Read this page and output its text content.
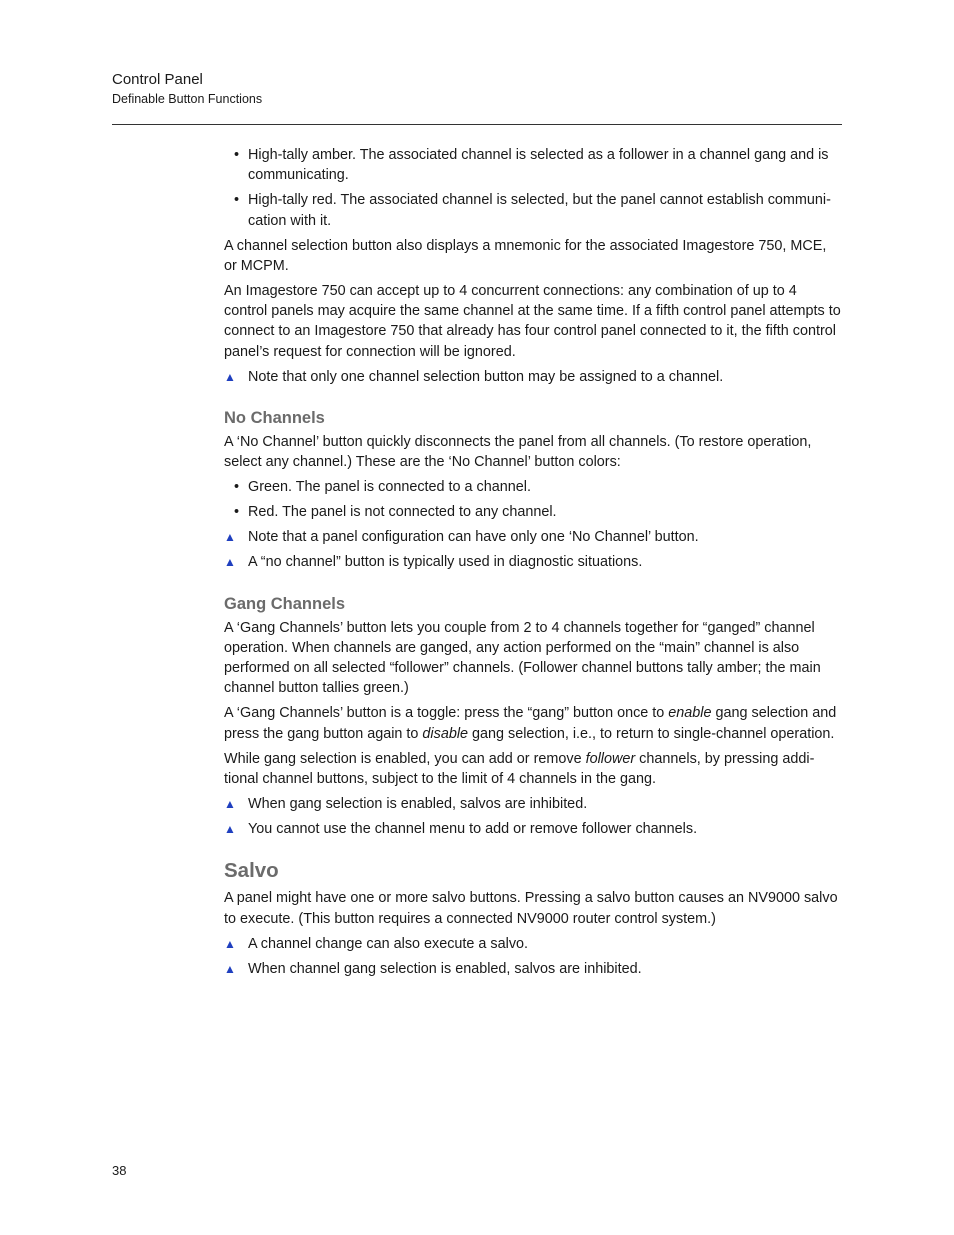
Control Panel
Definable Button Functions
• High-tally amber. The associated channel is selected as a follower in a channel gang and is communicating.
• High-tally red. The associated channel is selected, but the panel cannot establish communi-cation with it.

A channel selection button also displays a mnemonic for the associated Imagestore 750, MCE, or MCPM.

An Imagestore 750 can accept up to 4 concurrent connections: any combination of up to 4 control panels may acquire the same channel at the same time. If a fifth control panel attempts to connect to an Imagestore 750 that already has four control panel connected to it, the fifth control panel’s request for connection will be ignored.

▲ Note that only one channel selection button may be assigned to a channel.
No Channels

A ‘No Channel’ button quickly disconnects the panel from all channels. (To restore operation, select any channel.) These are the ‘No Channel’ button colors:

• Green. The panel is connected to a channel.
• Red. The panel is not connected to any channel.
▲ Note that a panel configuration can have only one ‘No Channel’ button.
▲ A “no channel” button is typically used in diagnostic situations.
Gang Channels

A ‘Gang Channels’ button lets you couple from 2 to 4 channels together for “ganged” channel operation. When channels are ganged, any action performed on the “main” channel is also performed on all selected “follower” channels. (Follower channel buttons tally amber; the main channel button tallies green.)

A ‘Gang Channels’ button is a toggle: press the “gang” button once to enable gang selection and press the gang button again to disable gang selection, i.e., to return to single-channel operation.

While gang selection is enabled, you can add or remove follower channels, by pressing addi-tional channel buttons, subject to the limit of 4 channels in the gang.

▲ When gang selection is enabled, salvos are inhibited.
▲ You cannot use the channel menu to add or remove follower channels.
Salvo

A panel might have one or more salvo buttons. Pressing a salvo button causes an NV9000 salvo to execute. (This button requires a connected NV9000 router control system.)

▲ A channel change can also execute a salvo.
▲ When channel gang selection is enabled, salvos are inhibited.
38
